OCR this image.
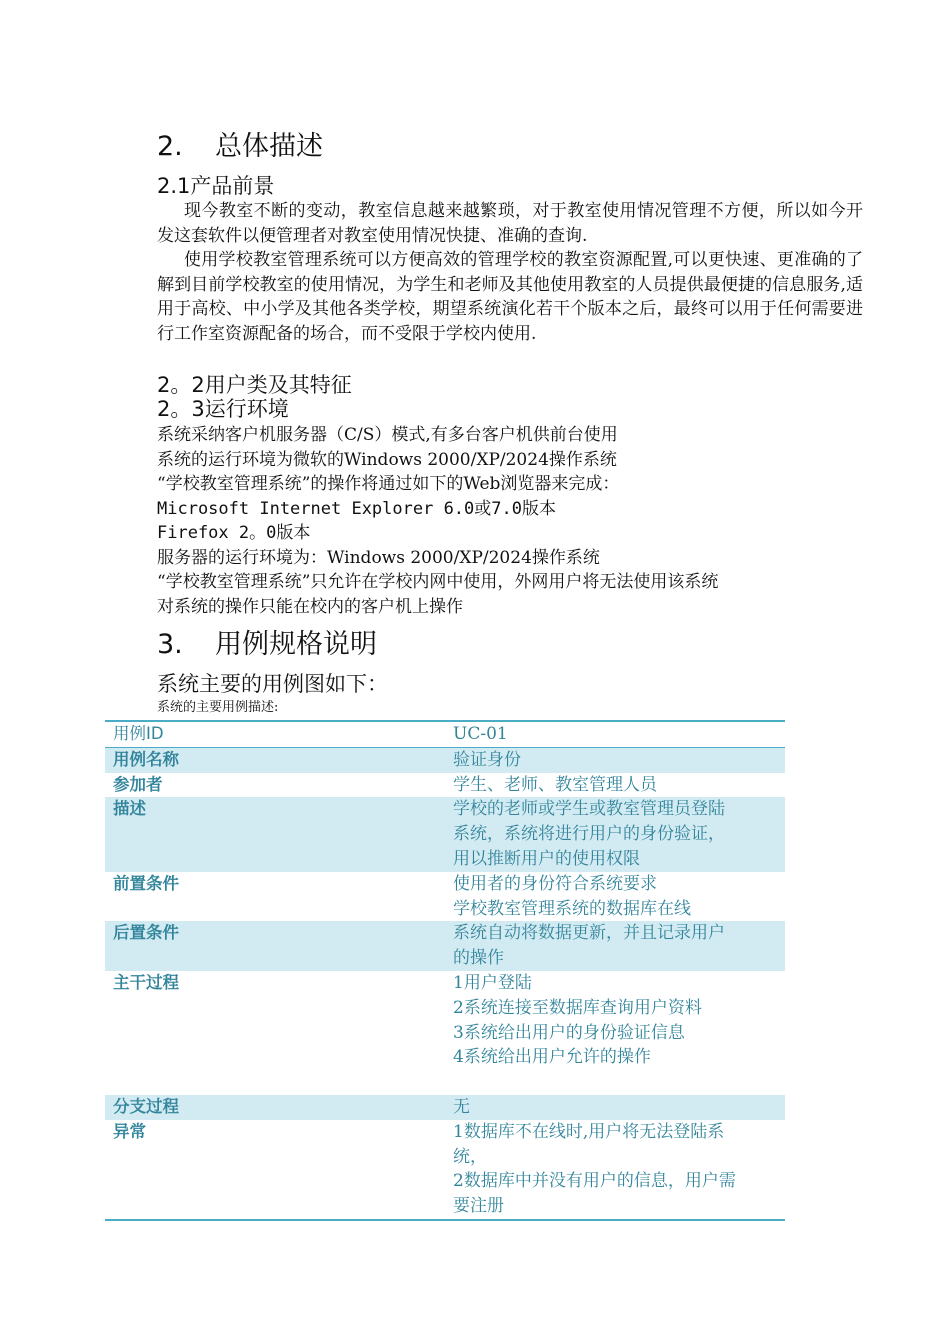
2. 总体描述
2.1产品前景
现今教室不断的变动，教室信息越来越繁琐，对于教室使用情况管理不方便，所以如今开发这套软件以便管理者对教室使用情况快捷、准确的查询.
使用学校教室管理系统可以方便高效的管理学校的教室资源配置,可以更快速、更准确的了解到目前学校教室的使用情况，为学生和老师及其他使用教室的人员提供最便捷的信息服务,适用于高校、中小学及其他各类学校，期望系统演化若干个版本之后，最终可以用于任何需要进行工作室资源配备的场合，而不受限于学校内使用.
2。2用户类及其特征
2。3运行环境
系统采纳客户机服务器（C/S）模式,有多台客户机供前台使用
系统的运行环境为微软的Windows 2000/XP/2024操作系统
“学校教室管理系统”的操作将通过如下的Web浏览器来完成：
Microsoft Internet Explorer 6.0或7.0版本
Firefox 2。0版本
服务器的运行环境为：Windows 2000/XP/2024操作系统
“学校教室管理系统”只允许在学校内网中使用，外网用户将无法使用该系统
对系统的操作只能在校内的客户机上操作
3. 用例规格说明
系统主要的用例图如下：
系统的主要用例描述:
用例ID	UC-01
用例名称	验证身份

参加者	学生、老师、教室管理人员

描述	学校的老师或学生或教室管理员登陆
系统，系统将进行用户的身份验证，
用以推断用户的使用权限

前置条件	使用者的身份符合系统要求
学校教室管理系统的数据库在线

后置条件	系统自动将数据更新，并且记录用户
的操作

主干过程	1用户登陆
2系统连接至数据库查询用户资料
3系统给出用户的身份验证信息
4系统给出用户允许的操作

分支过程	无

异常	1数据库不在线时,用户将无法登陆系
统，
2数据库中并没有用户的信息，用户需
要注册
